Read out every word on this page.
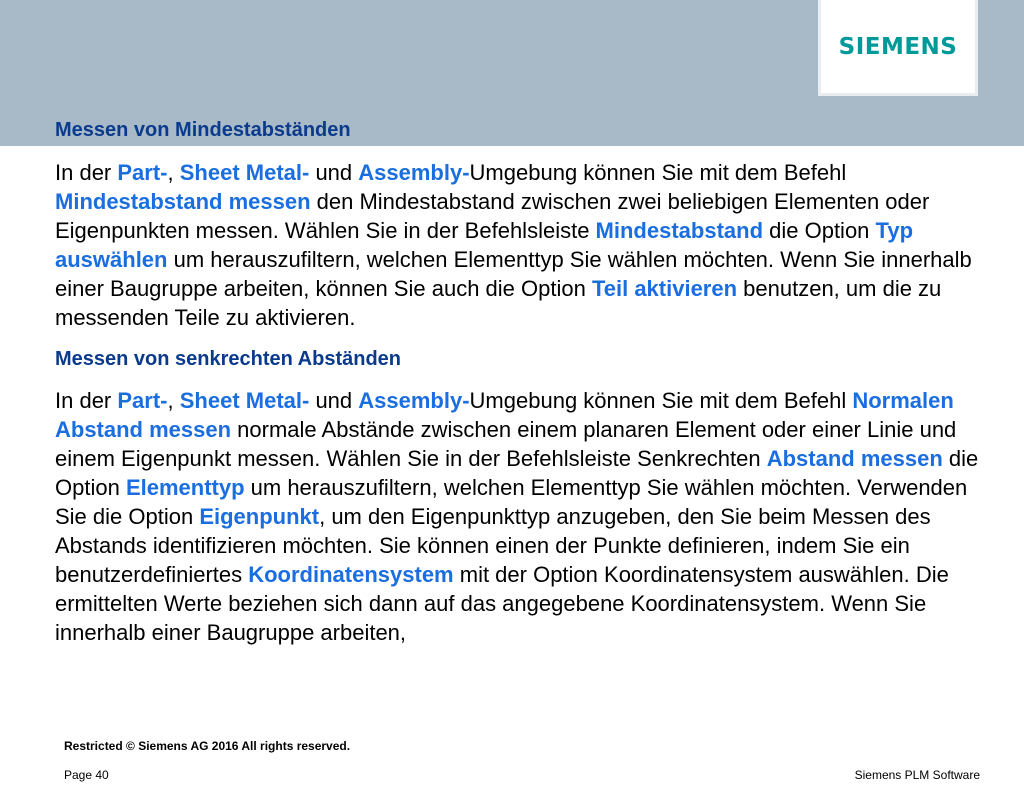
SIEMENS
Messen von Mindestabständen

In der Part-, Sheet Metal- und Assembly-Umgebung können Sie mit dem Befehl Mindestabstand messen den Mindestabstand zwischen zwei beliebigen Elementen oder Eigenpunkten messen. Wählen Sie in der Befehlsleiste Mindestabstand die Option Typ auswählen um herauszufiltern, welchen Elementtyp Sie wählen möchten. Wenn Sie innerhalb einer Baugruppe arbeiten, können Sie auch die Option Teil aktivieren benutzen, um die zu messenden Teile zu aktivieren.

Messen von senkrechten Abständen

In der Part-, Sheet Metal- und Assembly-Umgebung können Sie mit dem Befehl Normalen Abstand messen normale Abstände zwischen einem planaren Element oder einer Linie und einem Eigenpunkt messen. Wählen Sie in der Befehlsleiste Senkrechten Abstand messen die Option Elementtyp um herauszufiltern, welchen Elementtyp Sie wählen möchten. Verwenden Sie die Option Eigenpunkt, um den Eigenpunkttyp anzugeben, den Sie beim Messen des Abstands identifizieren möchten. Sie können einen der Punkte definieren, indem Sie ein benutzerdefiniertes Koordinatensystem mit der Option Koordinatensystem auswählen. Die ermittelten Werte beziehen sich dann auf das angegebene Koordinatensystem. Wenn Sie innerhalb einer Baugruppe arbeiten,

Restricted © Siemens AG 2016 All rights reserved.
Page 40	Siemens PLM Software
